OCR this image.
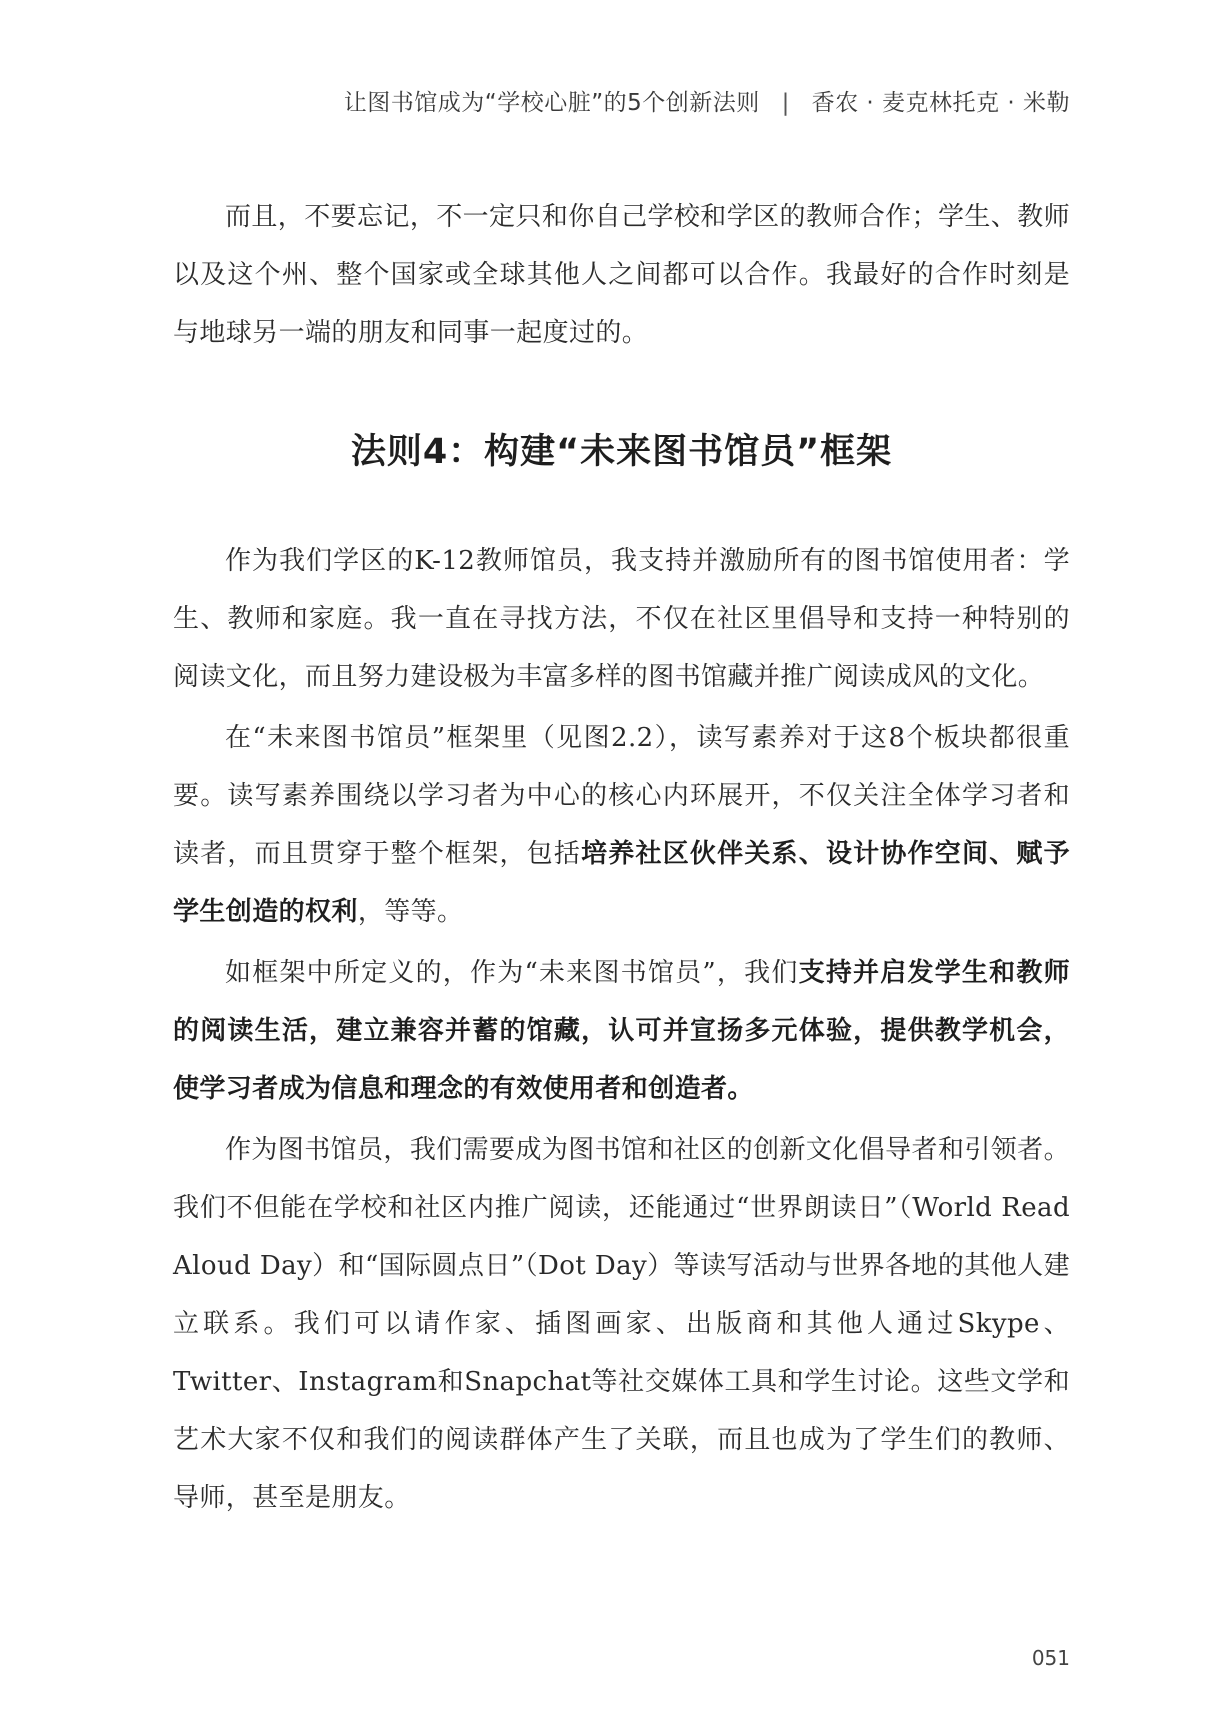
让图书馆成为“学校心脏”的5个创新法则 | 香农 · 麦克林托克 · 米勒

而且，不要忘记，不一定只和你自己学校和学区的教师合作；学生、教师以及这个州、整个国家或全球其他人之间都可以合作。我最好的合作时刻是与地球另一端的朋友和同事一起度过的。

法则4：构建“未来图书馆员”框架

作为我们学区的K-12教师馆员，我支持并激励所有的图书馆使用者：学生、教师和家庭。我一直在寻找方法，不仅在社区里倡导和支持一种特别的阅读文化，而且努力建设极为丰富多样的图书馆藏并推广阅读成风的文化。

在“未来图书馆员”框架里（见图2.2），读写素养对于这8个板块都很重要。读写素养围绕以学习者为中心的核心内环展开，不仅关注全体学习者和读者，而且贯穿于整个框架，包括培养社区伙伴关系、设计协作空间、赋予学生创造的权利，等等。

如框架中所定义的，作为“未来图书馆员”，我们支持并启发学生和教师的阅读生活，建立兼容并蓄的馆藏，认可并宣扬多元体验，提供教学机会，使学习者成为信息和理念的有效使用者和创造者。

作为图书馆员，我们需要成为图书馆和社区的创新文化倡导者和引领者。我们不但能在学校和社区内推广阅读，还能通过“世界朗读日”（World Read Aloud Day）和“国际圆点日”（Dot Day）等读写活动与世界各地的其他人建立联系。我们可以请作家、插图画家、出版商和其他人通过Skype、Twitter、Instagram和Snapchat等社交媒体工具和学生讨论。这些文学和艺术大家不仅和我们的阅读群体产生了关联，而且也成为了学生们的教师、导师，甚至是朋友。

051
